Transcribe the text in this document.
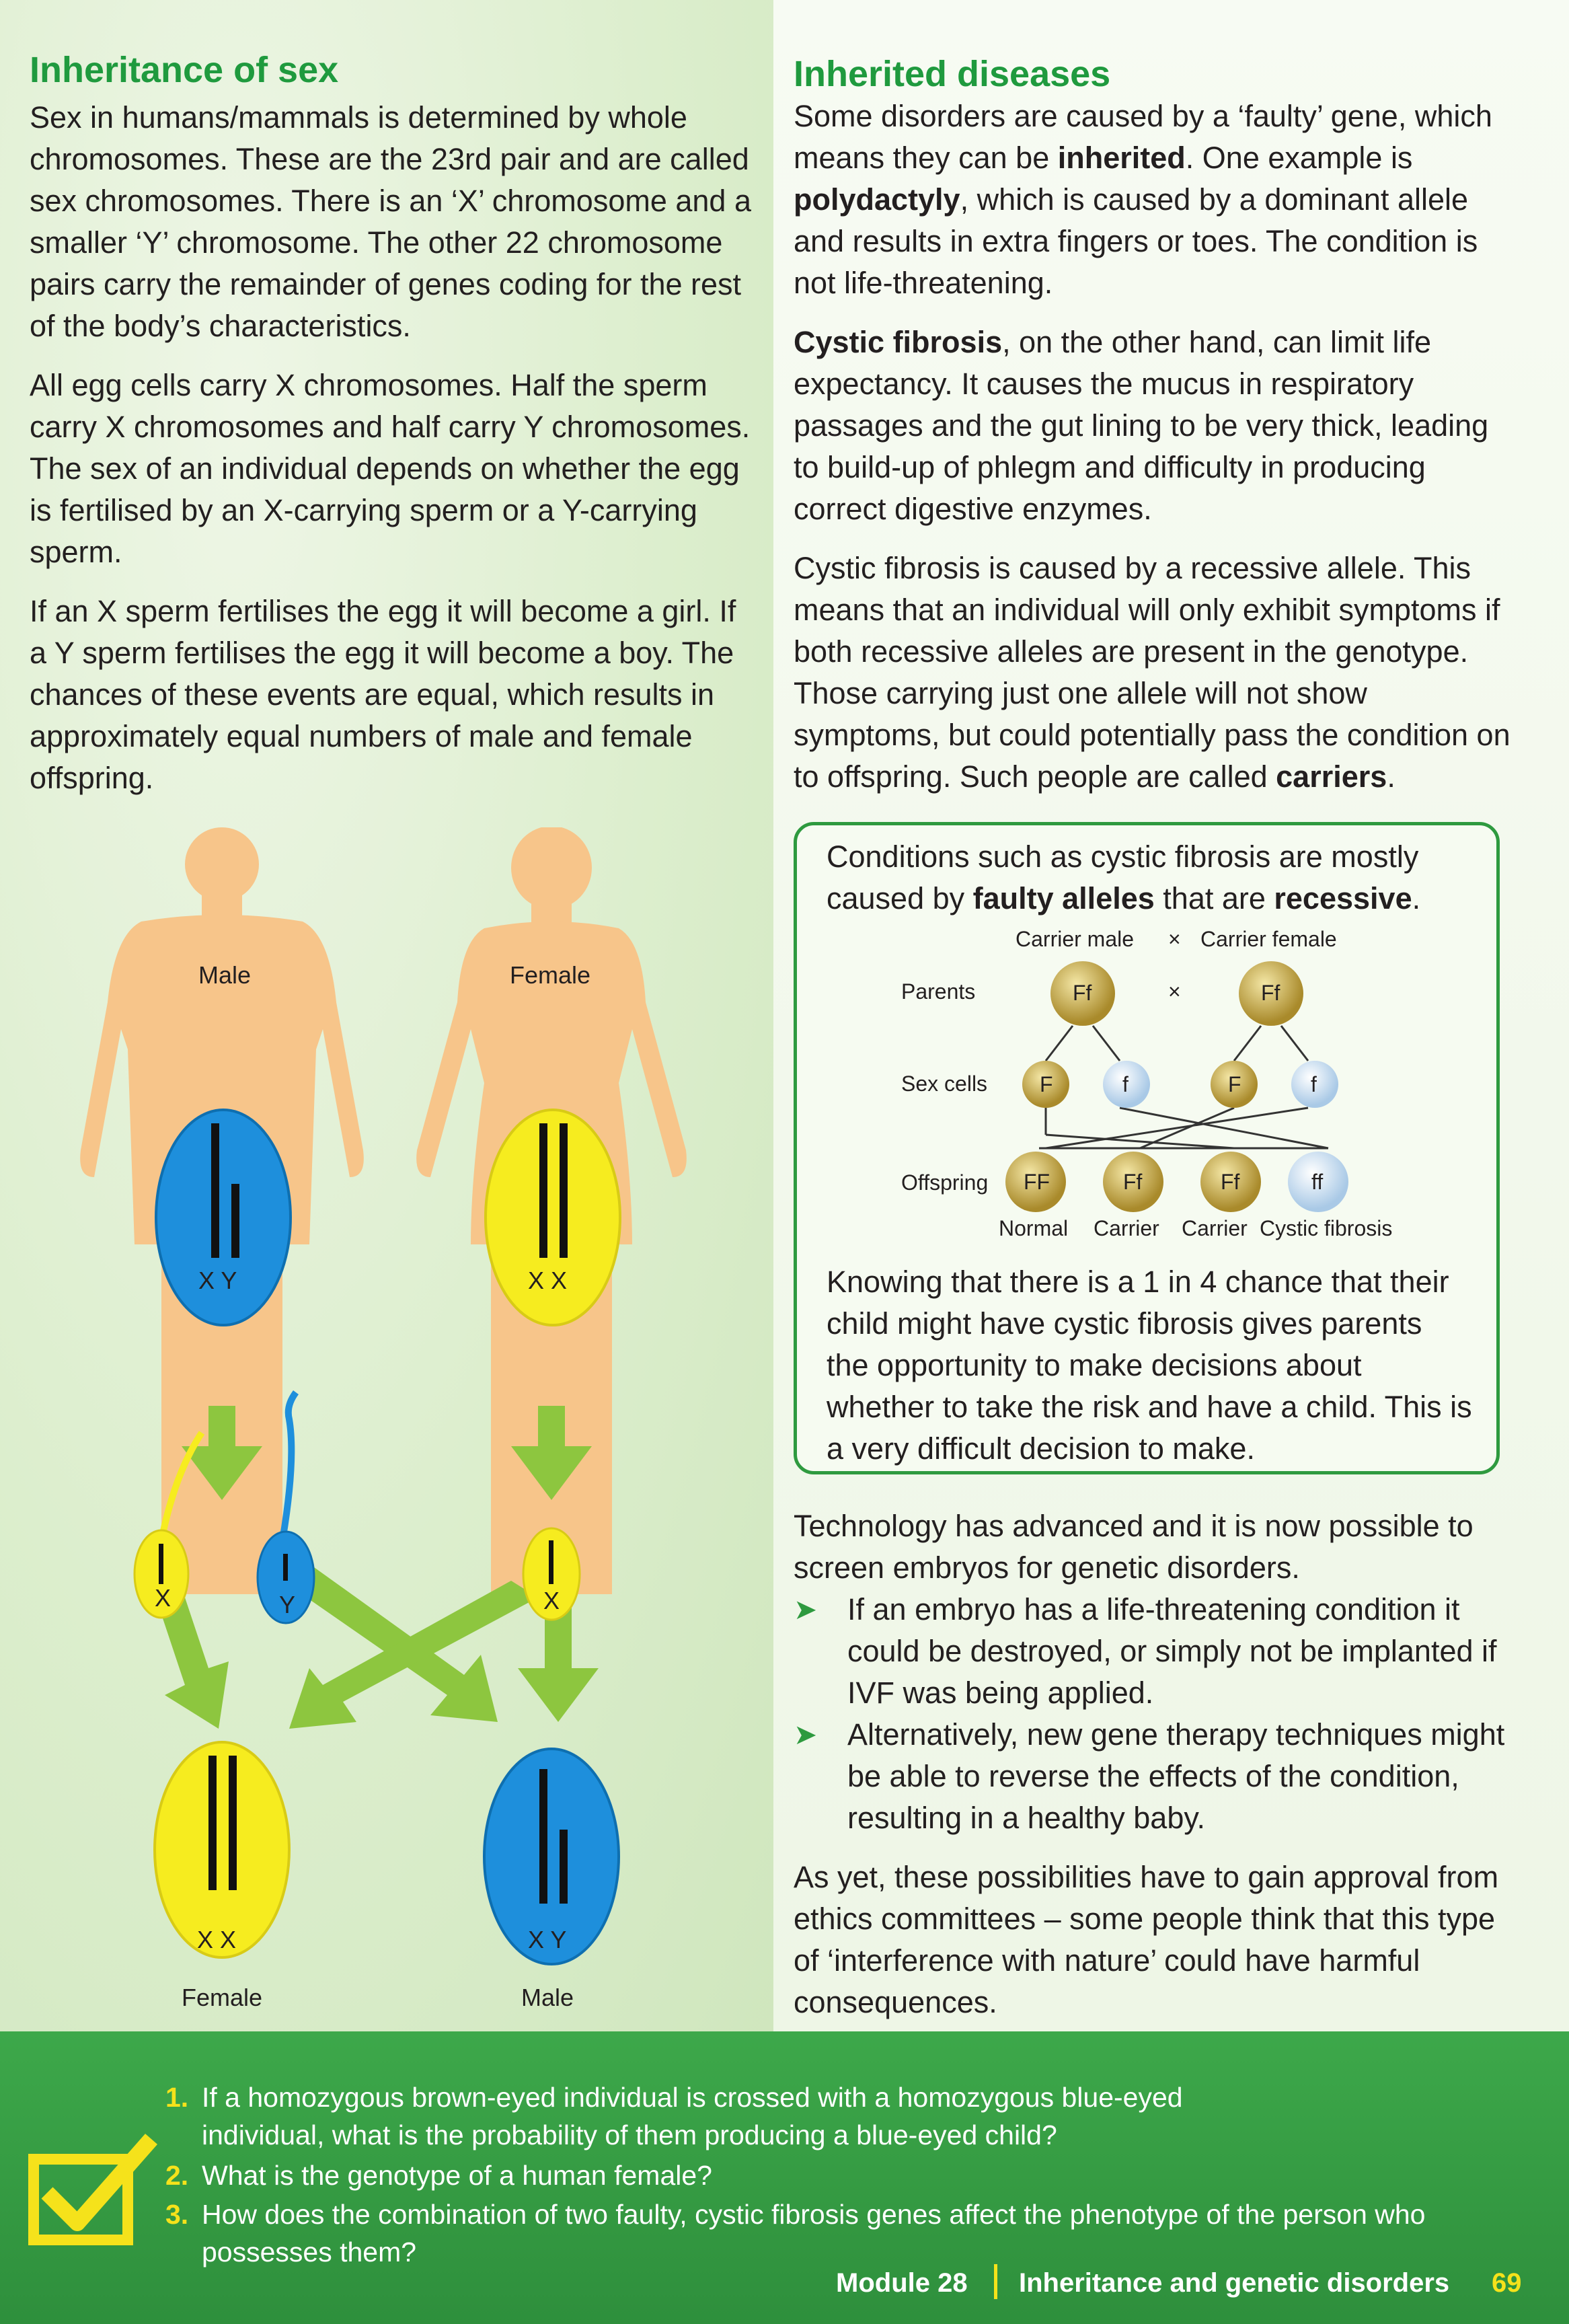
Inheritance of sex

Sex in humans/mammals is determined by whole chromosomes. These are the 23rd pair and are called sex chromosomes. There is an ‘X’ chromosome and a smaller ‘Y’ chromosome. The other 22 chromosome pairs carry the remainder of genes coding for the rest of the body’s characteristics.

All egg cells carry X chromosomes. Half the sperm carry X chromosomes and half carry Y chromosomes. The sex of an individual depends on whether the egg is fertilised by an X-carrying sperm or a Y-carrying sperm.

If an X sperm fertilises the egg it will become a girl. If a Y sperm fertilises the egg it will become a boy. The chances of these events are equal, which results in approximately equal numbers of male and female offspring.

Male	Female
X Y	X X
X	Y	X
X X
Female
X Y
Male
Inherited diseases

Some disorders are caused by a ‘faulty’ gene, which means they can be inherited. One example is polydactyly, which is caused by a dominant allele and results in extra fingers or toes. The condition is not life-threatening.

Cystic fibrosis, on the other hand, can limit life expectancy. It causes the mucus in respiratory passages and the gut lining to be very thick, leading to build-up of phlegm and difficulty in producing correct digestive enzymes.

Cystic fibrosis is caused by a recessive allele. This means that an individual will only exhibit symptoms if both recessive alleles are present in the genotype. Those carrying just one allele will not show symptoms, but could potentially pass the condition on to offspring. Such people are called carriers.

Conditions such as cystic fibrosis are mostly caused by faulty alleles that are recessive.

Carrier male × Carrier female
Parents	Ff	×	Ff
Sex cells F	f	F	f
Offspring FF	Ff	Ff	ff
Normal Carrier Carrier Cystic fibrosis

Knowing that there is a 1 in 4 chance that their child might have cystic fibrosis gives parents the opportunity to make decisions about whether to take the risk and have a child. This is a very difficult decision to make.

Technology has advanced and it is now possible to screen embryos for genetic disorders.

➤ If an embryo has a life-threatening condition it could be destroyed, or simply not be implanted if IVF was being applied.

➤ Alternatively, new gene therapy techniques might be able to reverse the effects of the condition, resulting in a healthy baby.

As yet, these possibilities have to gain approval from ethics committees – some people think that this type of ‘interference with nature’ could have harmful consequences.

1. If a homozygous brown-eyed individual is crossed with a homozygous blue-eyed individual, what is the probability of them producing a blue-eyed child?
2. What is the genotype of a human female?
3. How does the combination of two faulty, cystic fibrosis genes affect the phenotype of the person who possesses them?
Module 28 Inheritance and genetic disorders 69
